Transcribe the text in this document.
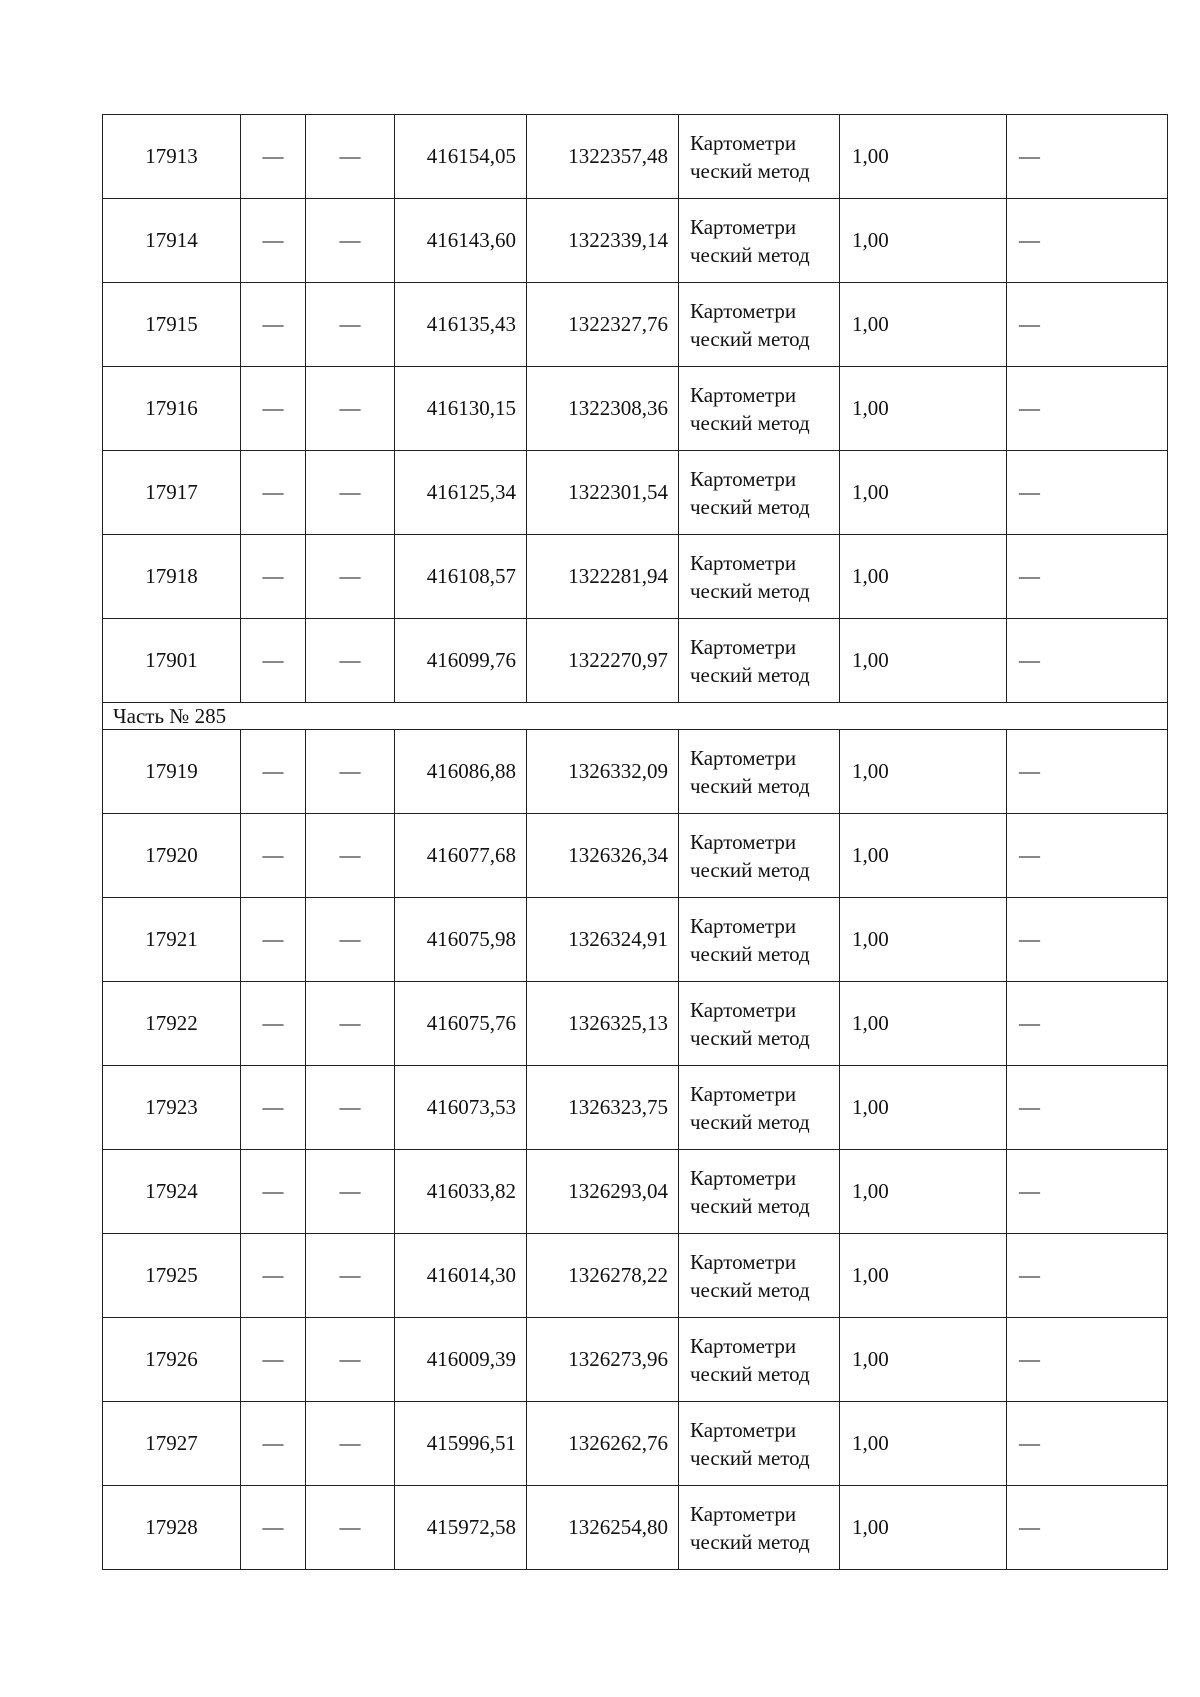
17913	—	—	416154,05	1322357,48	Картометри ческий метод	1,00	—
17914	—	—	416143,60	1322339,14	Картометри ческий метод	1,00	—
17915	—	—	416135,43	1322327,76	Картометри ческий метод	1,00	—
17916	—	—	416130,15	1322308,36	Картометри ческий метод	1,00	—
17917	—	—	416125,34	1322301,54	Картометри ческий метод	1,00	—
17918	—	—	416108,57	1322281,94	Картометри ческий метод	1,00	—
17901	—	—	416099,76	1322270,97	Картометри ческий метод	1,00	—
Часть № 285							
17919	—	—	416086,88	1326332,09	Картометри ческий метод	1,00	—
17920	—	—	416077,68	1326326,34	Картометри ческий метод	1,00	—
17921	—	—	416075,98	1326324,91	Картометри ческий метод	1,00	—
17922	—	—	416075,76	1326325,13	Картометри ческий метод	1,00	—
17923	—	—	416073,53	1326323,75	Картометри ческий метод	1,00	—
17924	—	—	416033,82	1326293,04	Картометри ческий метод	1,00	—
17925	—	—	416014,30	1326278,22	Картометри ческий метод	1,00	—
17926	—	—	416009,39	1326273,96	Картометри ческий метод	1,00	—
17927	—	—	415996,51	1326262,76	Картометри ческий метод	1,00	—
17928	—	—	415972,58	1326254,80	Картометри ческий метод	1,00	—
